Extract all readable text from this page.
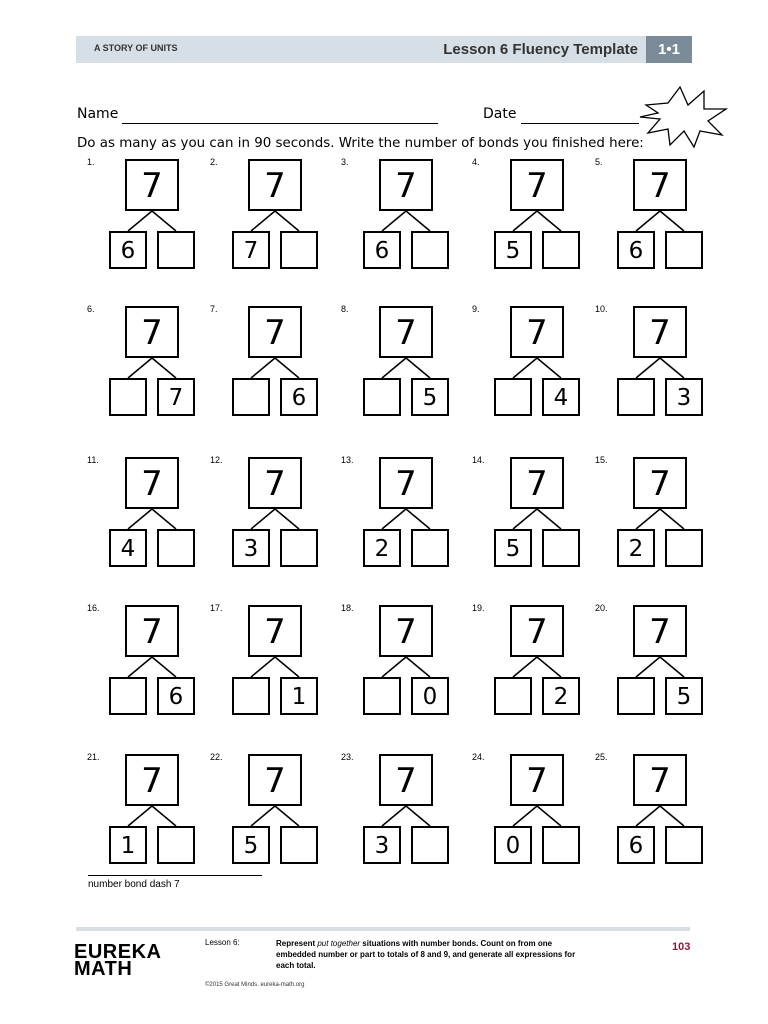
A STORY OF UNITS	Lesson 6 Fluency Template	1•1
Name	Date
Do as many as you can in 90 seconds. Write the number of bonds you finished here:
1.
7
6
2.
7
7
3.
7
6
4.
7
5
5.
7
6
6.
7
7
7.
7
6
8.
7
5
9.
7
4
10.
7
3
11.
7
4
12.
7
3
13.
7
2
14.
7
5
15.
7
2
16.
7
6
17.
7
1
18.
7
0
19.
7
2
20.
7
5
21.
7
1
22.
7
5
23.
7
3
24.
7
0
25.
7
6
number bond dash 7
EUREKA
MATH
Lesson 6:	Represent put together situations with number bonds. Count on from one embedded number or part to totals of 8 and 9, and generate all expressions for each total.
103
©2015 Great Minds. eureka-math.org
